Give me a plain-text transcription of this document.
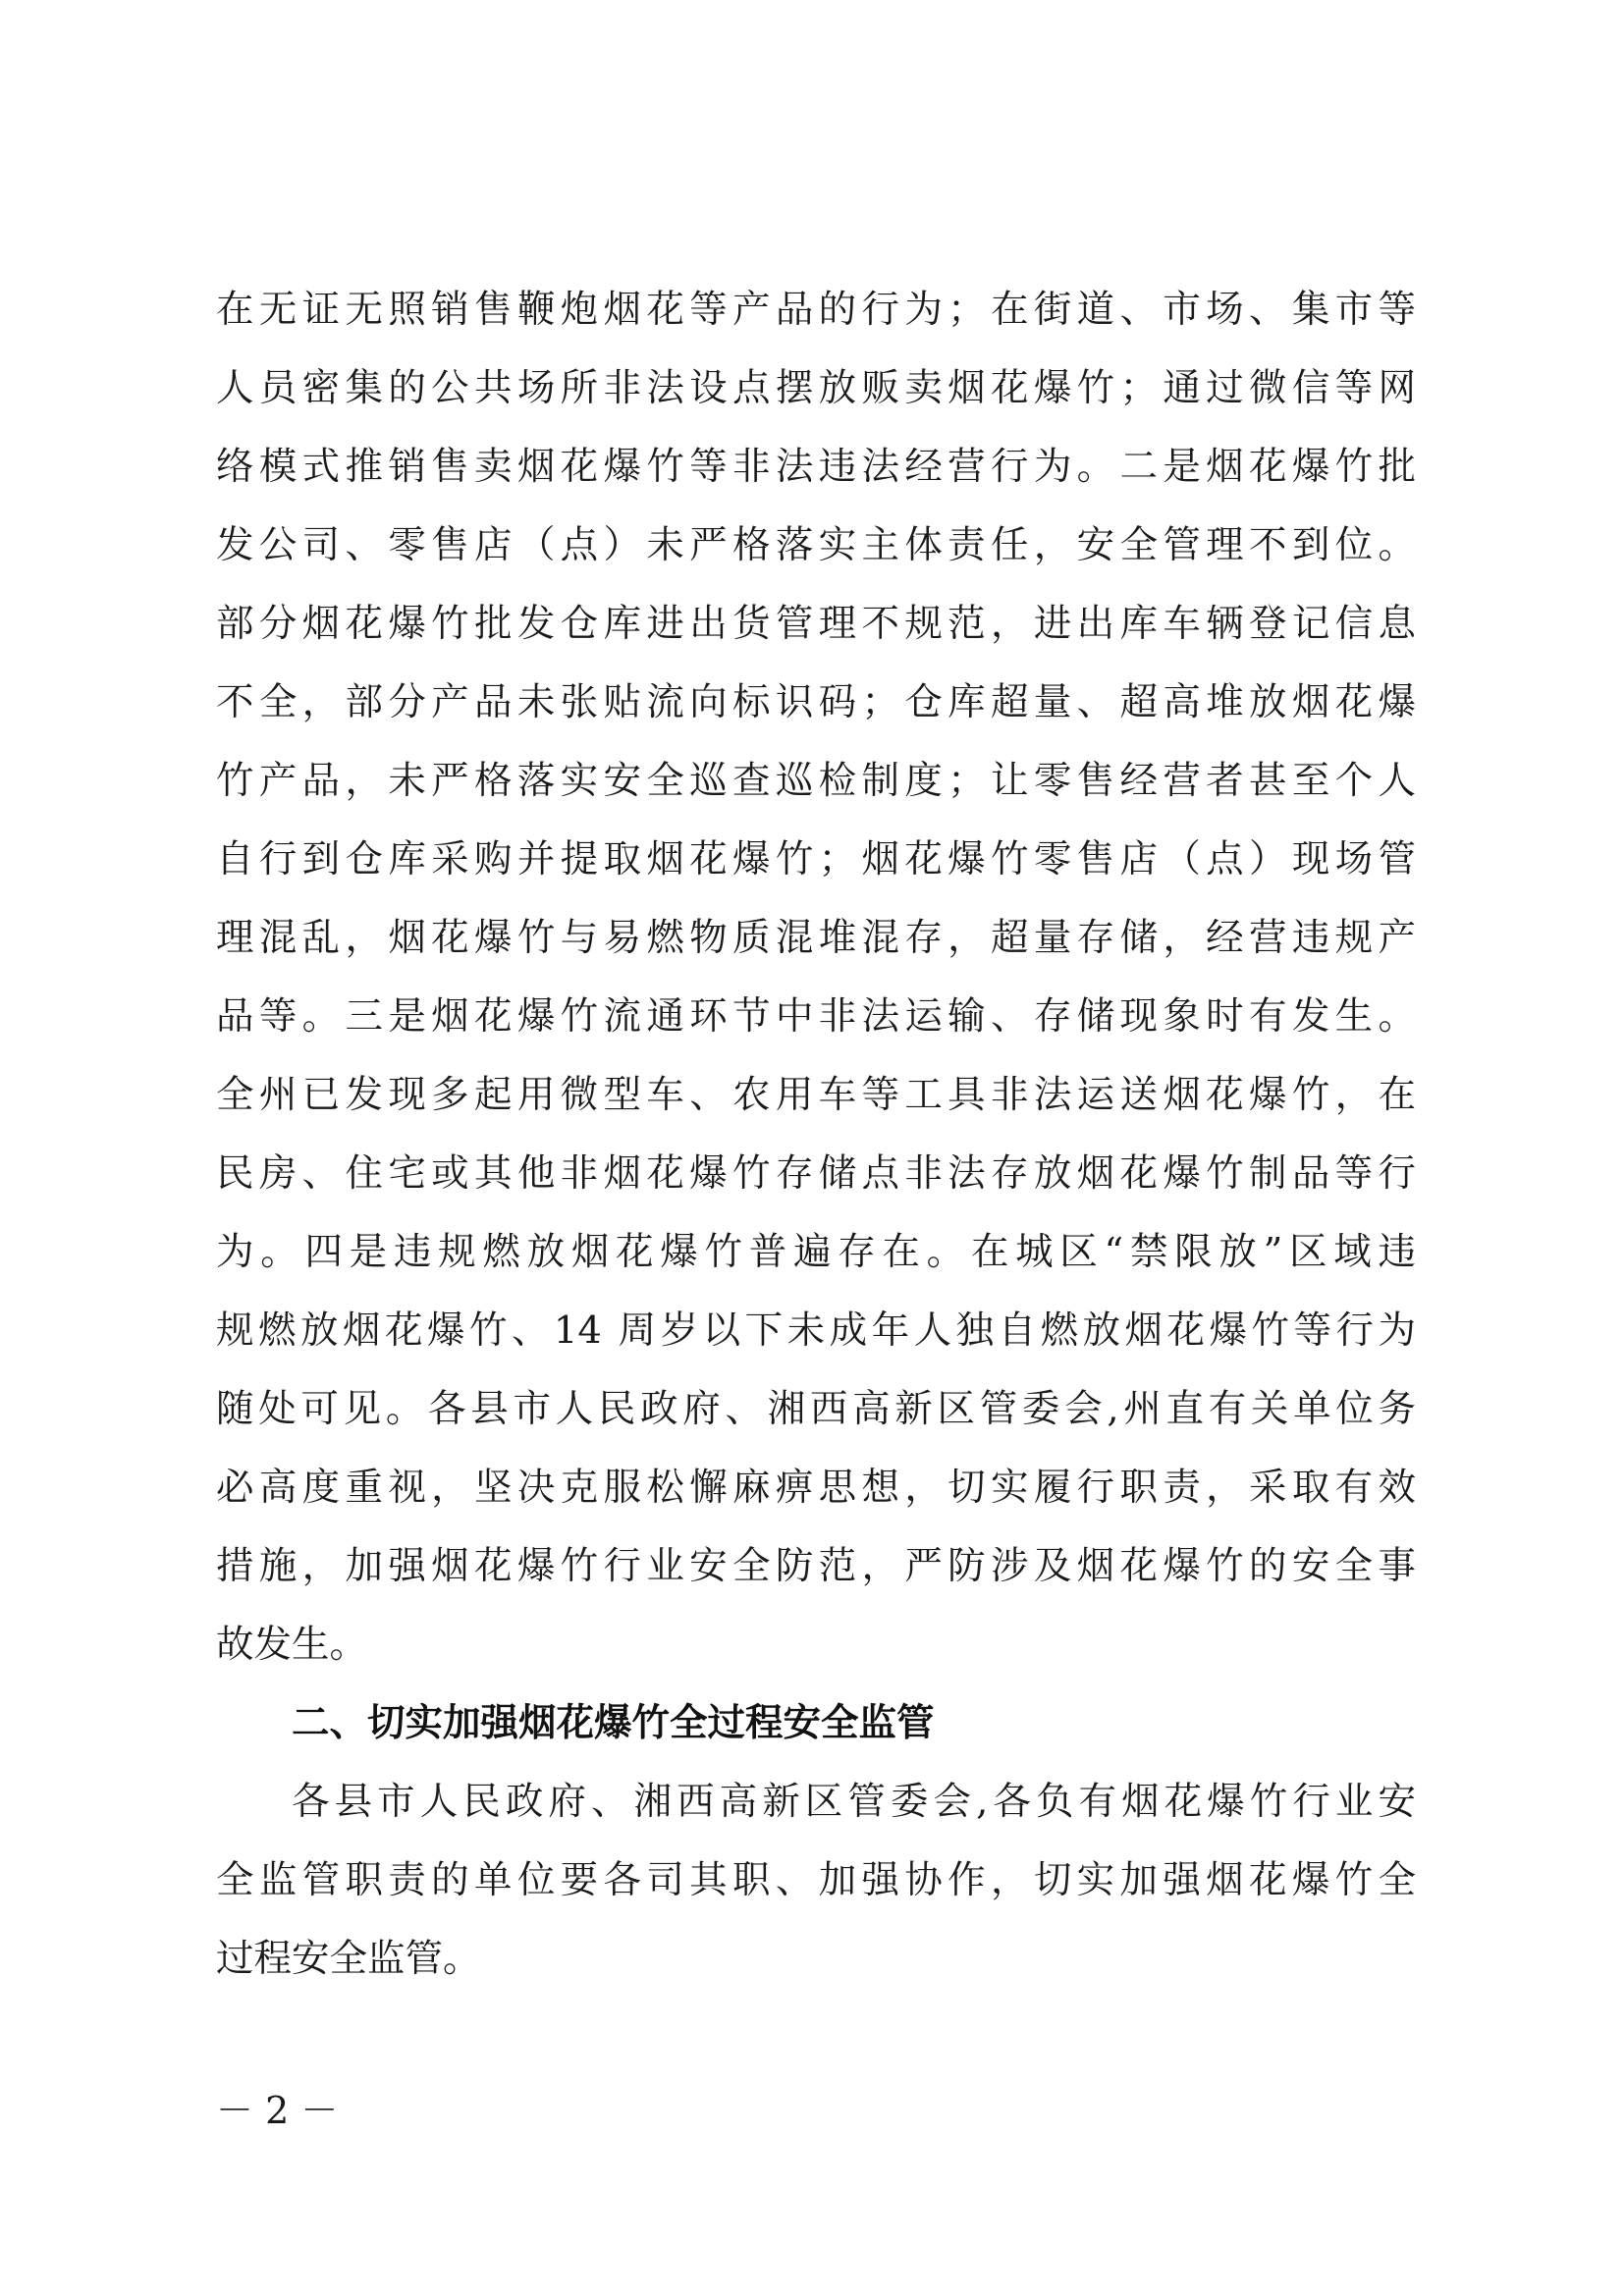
在无证无照销售鞭炮烟花等产品的行为；在街道、市场、集市等
人员密集的公共场所非法设点摆放贩卖烟花爆竹；通过微信等网
络模式推销售卖烟花爆竹等非法违法经营行为。二是烟花爆竹批
发公司、零售店（点）未严格落实主体责任，安全管理不到位。
部分烟花爆竹批发仓库进出货管理不规范，进出库车辆登记信息
不全，部分产品未张贴流向标识码；仓库超量、超高堆放烟花爆
竹产品，未严格落实安全巡查巡检制度；让零售经营者甚至个人
自行到仓库采购并提取烟花爆竹；烟花爆竹零售店（点）现场管
理混乱，烟花爆竹与易燃物质混堆混存，超量存储，经营违规产
品等。三是烟花爆竹流通环节中非法运输、存储现象时有发生。
全州已发现多起用微型车、农用车等工具非法运送烟花爆竹，在
民房、住宅或其他非烟花爆竹存储点非法存放烟花爆竹制品等行
为。四是违规燃放烟花爆竹普遍存在。在城区“禁限放”区域违
规燃放烟花爆竹、14 周岁以下未成年人独自燃放烟花爆竹等行为
随处可见。各县市人民政府、湘西高新区管委会,州直有关单位务
必高度重视，坚决克服松懈麻痹思想，切实履行职责，采取有效
措施，加强烟花爆竹行业安全防范，严防涉及烟花爆竹的安全事
故发生。
二、切实加强烟花爆竹全过程安全监管
各县市人民政府、湘西高新区管委会,各负有烟花爆竹行业安
全监管职责的单位要各司其职、加强协作，切实加强烟花爆竹全
过程安全监管。
－ 2 －
